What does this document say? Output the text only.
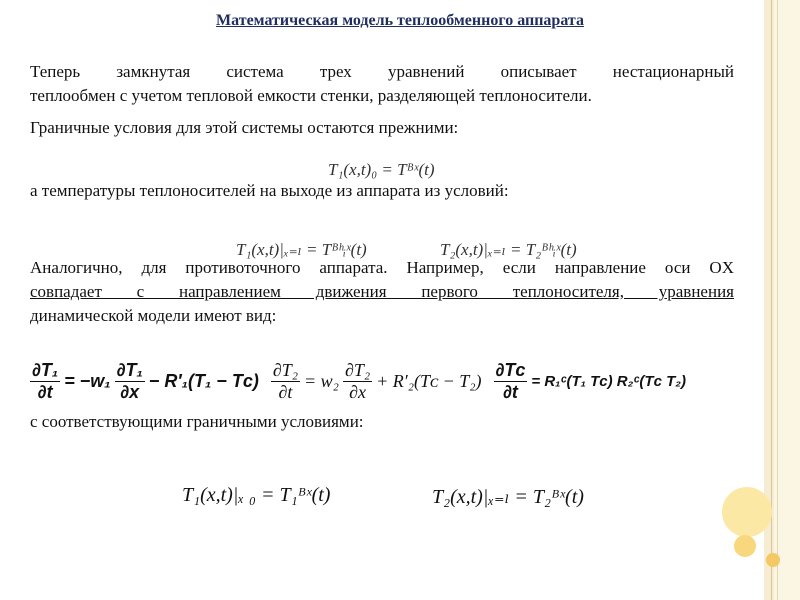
Математическая модель теплообменного аппарата
Теперь замкнутая система трех уравнений описывает нестационарный
теплообмен с учетом тепловой емкости стенки, разделяющей теплоносители.
Граничные условия для этой системы остаются прежними:
T₁(x,t)₀ = Tᴮˣ(t)
а температуры теплоносителей на выходе из аппарата из условий:
T₁(x,t)|ₓ₌ₗ = Tᴮʰᵢˣ(t)	T₂(x,t)|ₓ₌ₗ = T₂ᴮʰᵢˣ(t)
Аналогично, для противоточного аппарата. Например, если направление оси OX
совпадает с направлением движения первого теплоносителя, уравнения
динамической модели имеют вид:
$\frac{\text{∂T₁}}{\partial t} = -w_1 \frac{\text{∂T₁}}{\partial x} - R'_1(T_1$ − Tᴄ) $\frac{\text{∂T₂}}{\partial t} = w_2 \frac{\text{∂T₂}}{\partial x}$ + R′₂(Tᴄ − $T_2) \frac{\text{∂Tᴄ}}{\partial t}$ = R₁ᶜ(T₁ Tᴄ) R₂ᶜ(Tᴄ T₂)
с соответствующими граничными условиями:
T₁(x,t)|ₓ ₀ = T₁ᴮˣ(t)	T₂(x,t)|ₓ₌ₗ = T₂ᴮˣ(t)
